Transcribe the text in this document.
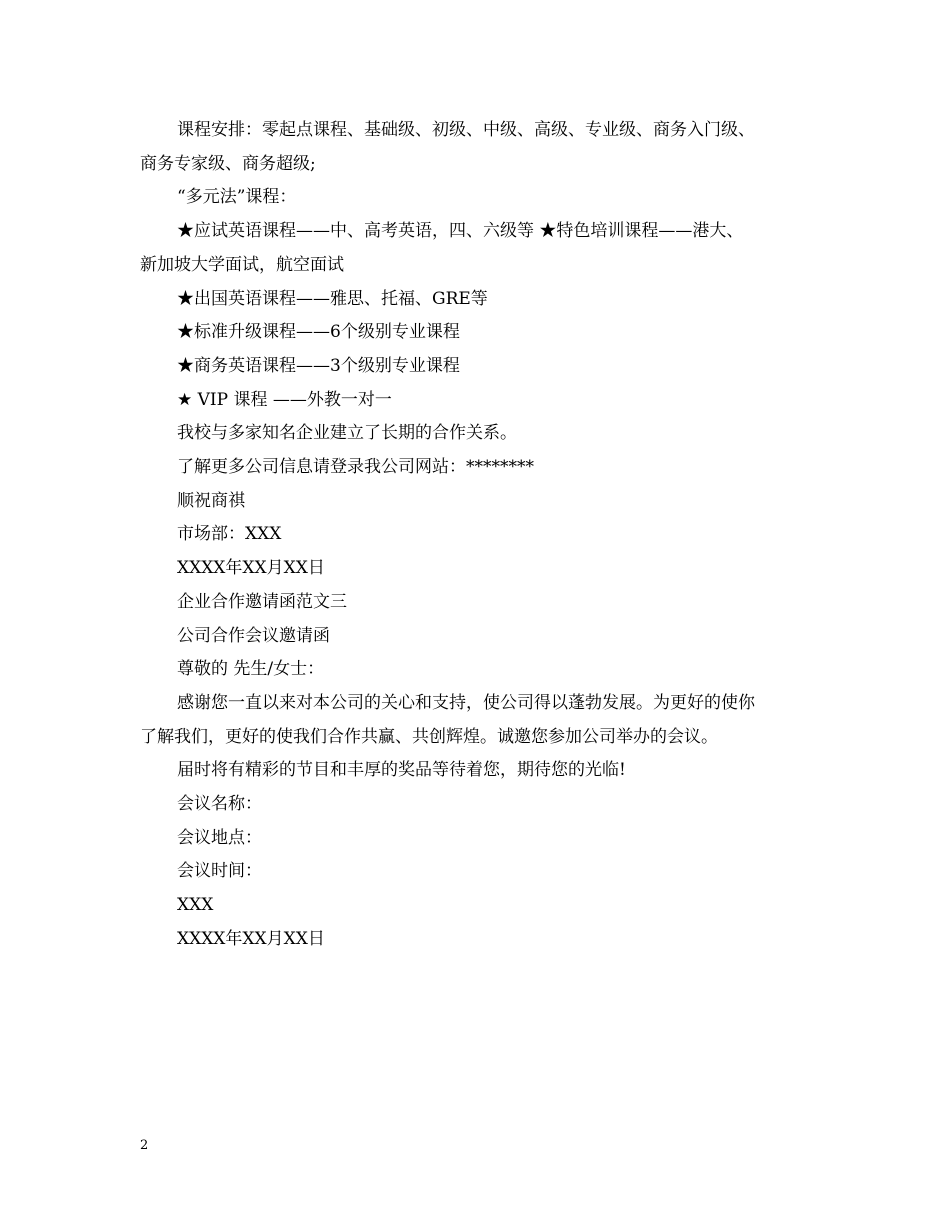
课程安排：零起点课程、基础级、初级、中级、高级、专业级、商务入门级、
商务专家级、商务超级;
“多元法”课程：
★应试英语课程——中、高考英语，四、六级等 ★特色培训课程——港大、
新加坡大学面试，航空面试
★出国英语课程——雅思、托福、GRE等
★标准升级课程——6个级别专业课程
★商务英语课程——3个级别专业课程
★ VIP 课程 ——外教一对一
我校与多家知名企业建立了长期的合作关系。
了解更多公司信息请登录我公司网站：********
顺祝商祺
市场部：XXX
XXXX年XX月XX日
企业合作邀请函范文三
公司合作会议邀请函
尊敬的 先生/女士：
感谢您一直以来对本公司的关心和支持，使公司得以蓬勃发展。为更好的使你
了解我们，更好的使我们合作共赢、共创辉煌。诚邀您参加公司举办的会议。
届时将有精彩的节目和丰厚的奖品等待着您，期待您的光临!
会议名称：
会议地点：
会议时间：
XXX
XXXX年XX月XX日
2
